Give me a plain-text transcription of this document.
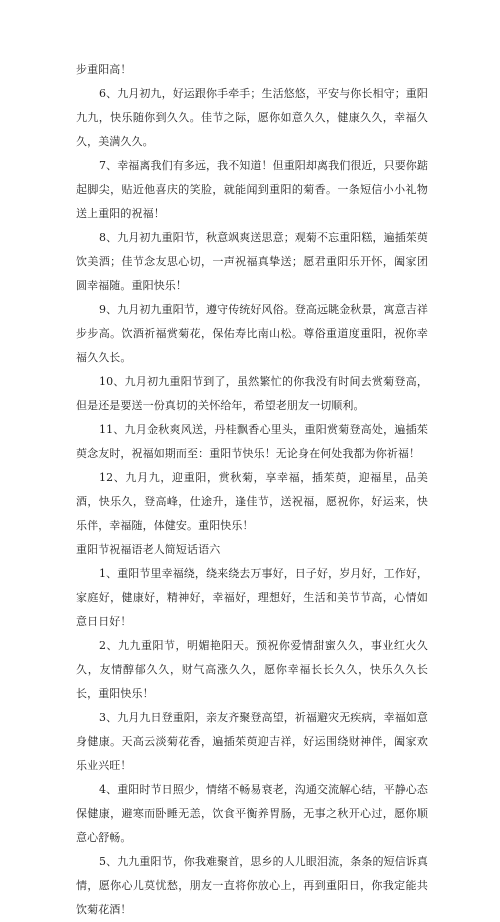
步重阳高！

6、九月初九，好运跟你手牵手；生活悠悠，平安与你长相守；重阳九九，快乐随你到久久。佳节之际，愿你如意久久，健康久久，幸福久久，美满久久。

7、幸福离我们有多远，我不知道！但重阳却离我们很近，只要你踮起脚尖，贴近他喜庆的笑脸，就能闻到重阳的菊香。一条短信小小礼物送上重阳的祝福！

8、九月初九重阳节，秋意飒爽送思意；观菊不忘重阳糕，遍插茱萸饮美酒；佳节念友思心切，一声祝福真挚送；愿君重阳乐开怀，阖家团圆幸福随。重阳快乐！

9、九月初九重阳节，遵守传统好风俗。登高远眺金秋景，寓意吉祥步步高。饮酒祈福赏菊花，保佑寿比南山松。尊俗重道度重阳，祝你幸福久久长。

10、九月初九重阳节到了，虽然繁忙的你我没有时间去赏菊登高，但是还是要送一份真切的关怀给年，希望老朋友一切顺利。

11、九月金秋爽风送，丹桂飘香心里头，重阳赏菊登高处，遍插茱萸念友时，祝福如期而至：重阳节快乐！无论身在何处我都为你祈福！

12、九月九，迎重阳，赏秋菊，享幸福，插茱萸，迎福星，品美酒，快乐久，登高峰，仕途升，逢佳节，送祝福，愿祝你，好运来，快乐伴，幸福随，体健安。重阳快乐！

重阳节祝福语老人简短话语六

1、重阳节里幸福绕，绕来绕去万事好，日子好，岁月好，工作好，家庭好，健康好，精神好，幸福好，理想好，生活和美节节高，心情如意日日好！

2、九九重阳节，明媚艳阳天。预祝你爱情甜蜜久久，事业红火久久，友情醇郁久久，财气高涨久久，愿你幸福长长久久，快乐久久长长，重阳快乐！

3、九月九日登重阳，亲友齐聚登高望，祈福避灾无疾病，幸福如意身健康。天高云淡菊花香，遍插茱萸迎吉祥，好运围绕财神伴，阖家欢乐业兴旺！

4、重阳时节日照少，情绪不畅易衰老，沟通交流解心结，平静心态保健康，避寒而卧睡无恙，饮食平衡养胃肠，无事之秋开心过，愿你顺意心舒畅。

5、九九重阳节，你我难聚首，思乡的人儿眼泪流，条条的短信诉真情，愿你心儿莫忧愁，朋友一直将你放心上，再到重阳日，你我定能共饮菊花酒！
